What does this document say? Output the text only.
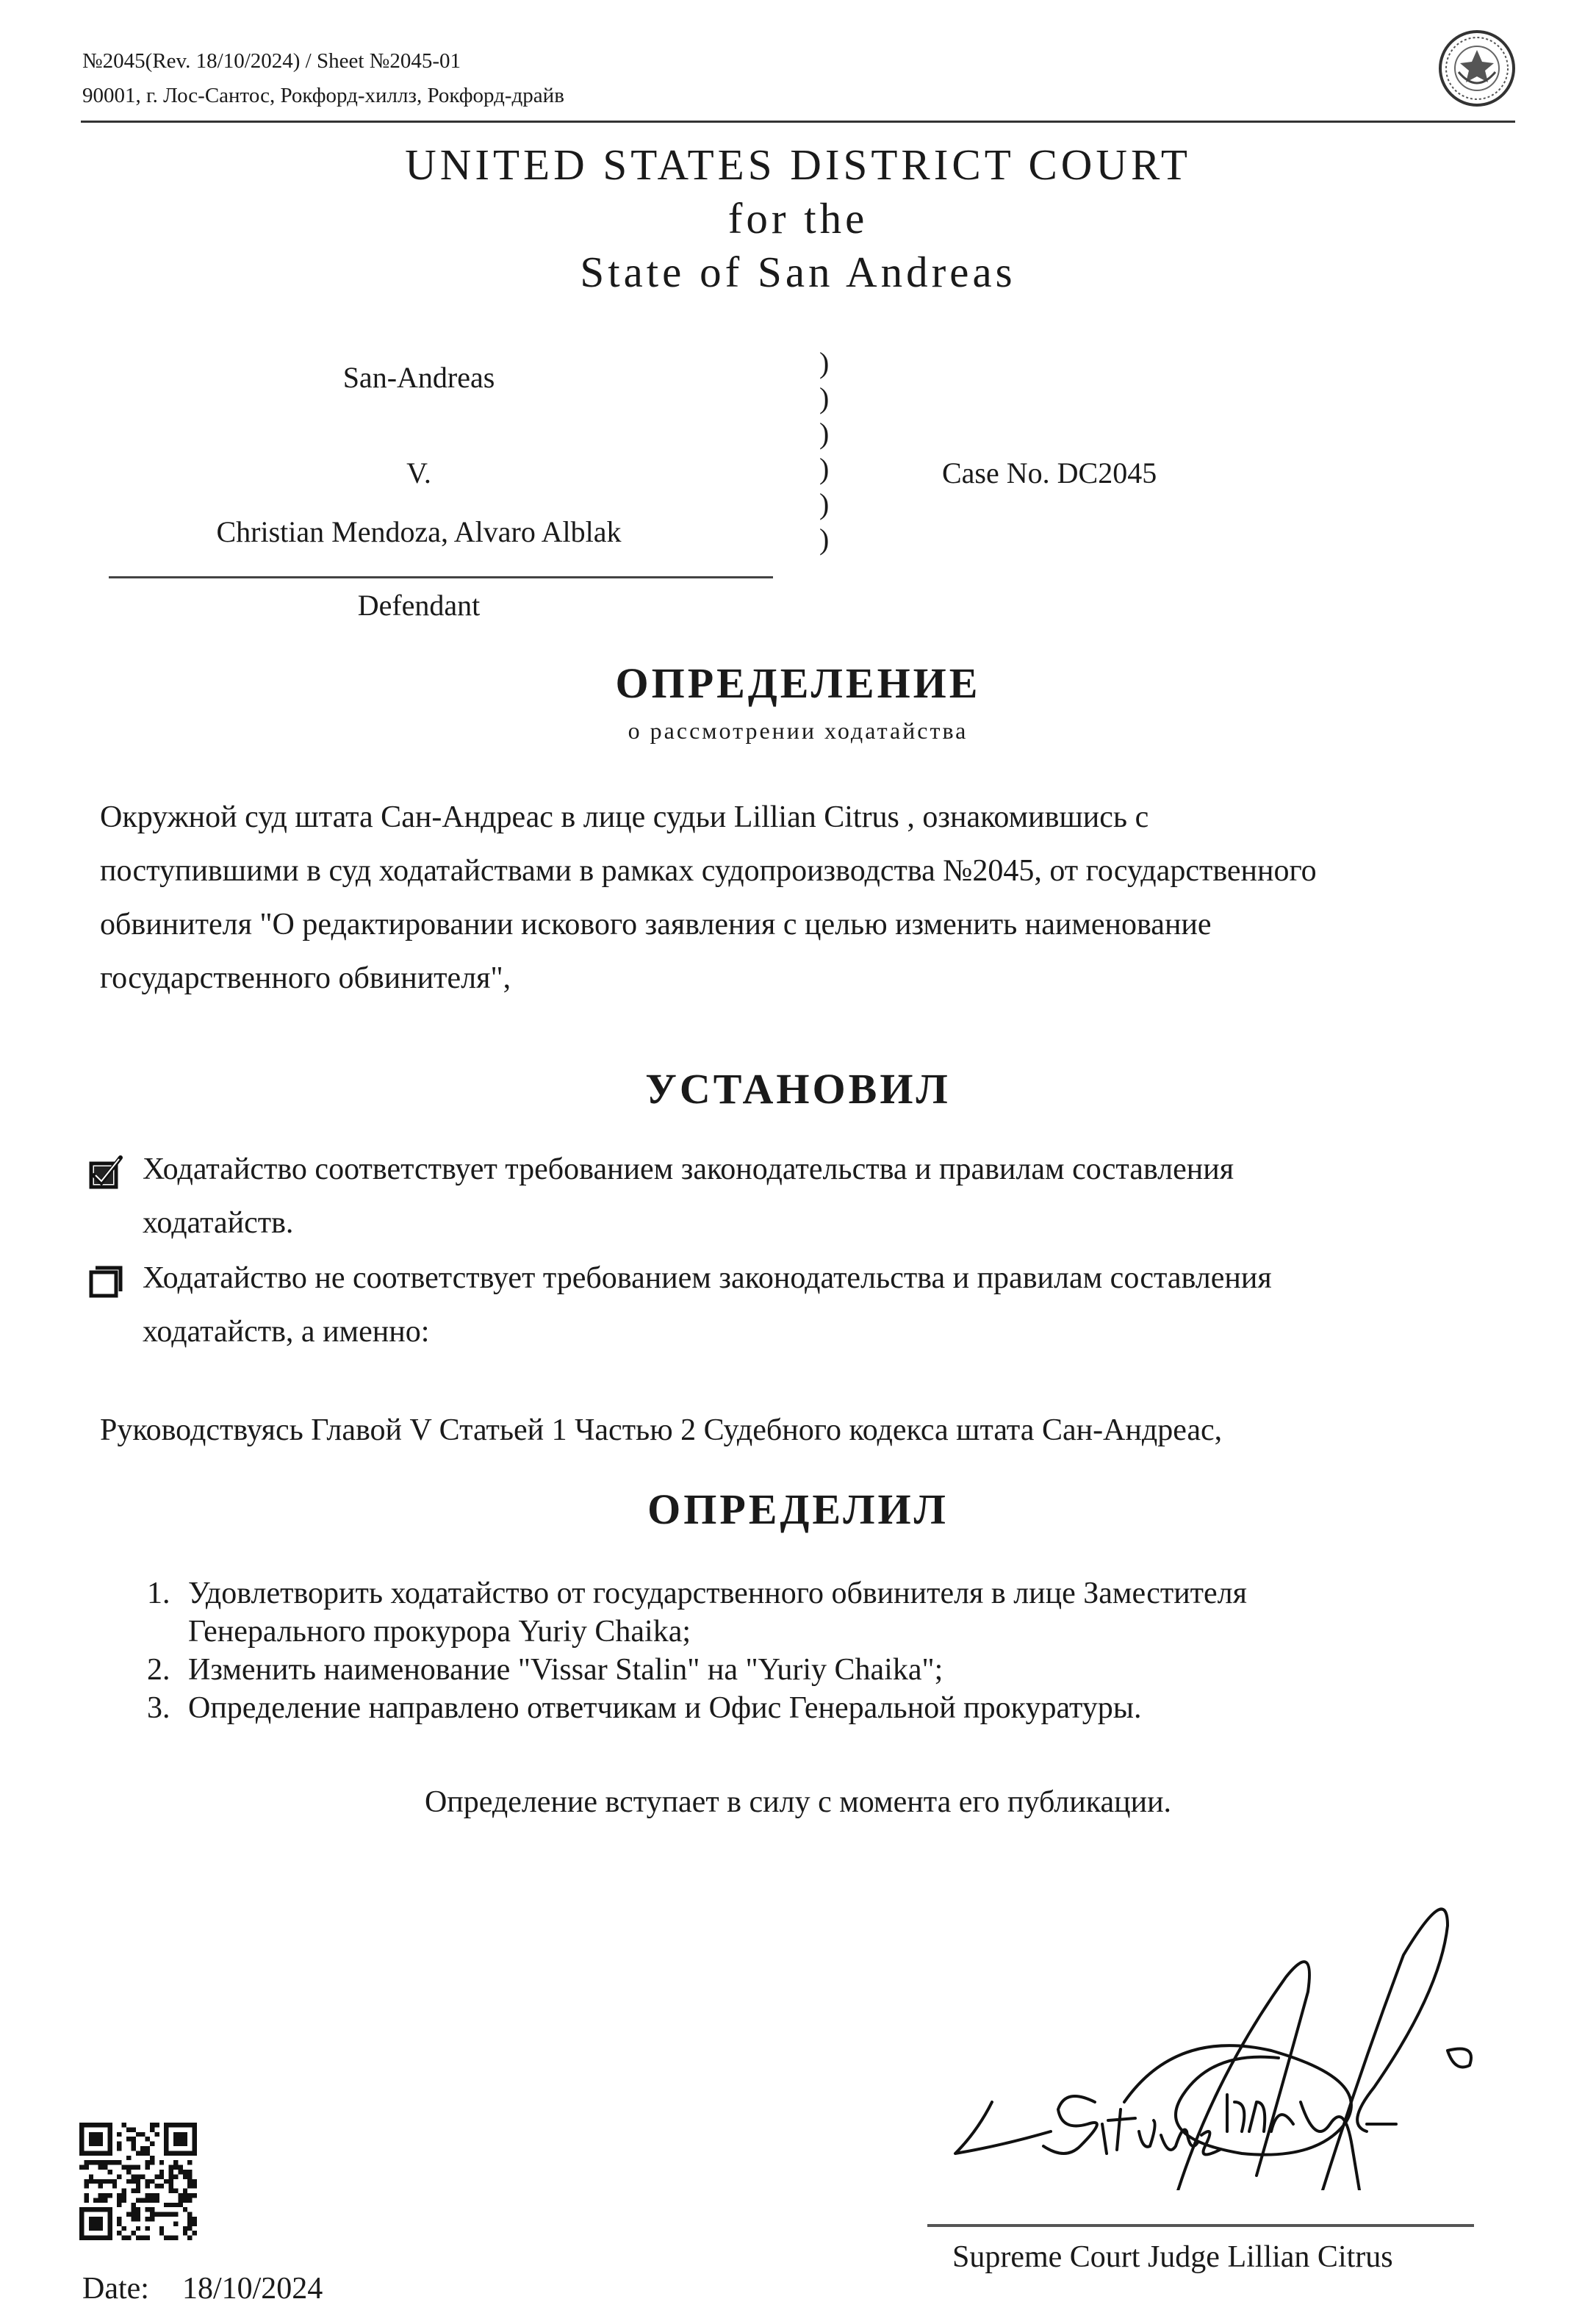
№2045(Rev. 18/10/2024) / Sheet №2045-01
90001, г. Лос-Сантос, Рокфорд-хиллз, Рокфорд-драйв
UNITED STATES DISTRICT COURT
for the
State of San Andreas
San-Andreas
V.
Christian Mendoza, Alvaro Alblak
Defendant
)
)
)
)
)
)
Case No. DC2045
ОПРЕДЕЛЕНИЕ
о рассмотрении ходатайства
Окружной суд штата Сан-Андреас в лице судьи Lillian Citrus , ознакомившись с
поступившими в суд ходатайствами в рамках судопроизводства №2045, от государственного
обвинителя "О редактировании искового заявления с целью изменить наименование
государственного обвинителя",
УСТАНОВИЛ
Ходатайство соответствует требованием законодательства и правилам составления
ходатайств.
Ходатайство не соответствует требованием законодательства и правилам составления
ходатайств, а именно:
Руководствуясь Главой V Статьей 1 Частью 2 Судебного кодекса штата Сан-Андреас,
ОПРЕДЕЛИЛ
1. Удовлетворить ходатайство от государственного обвинителя в лице Заместителя
Генерального прокурора Yuriy Chaika;
2. Изменить наименование "Vissar Stalin" на "Yuriy Chaika";
3. Определение направлено ответчикам и Офис Генеральной прокуратуры.
Определение вступает в силу с момента его публикации.
Supreme Court Judge Lillian Citrus
Date: 18/10/2024
